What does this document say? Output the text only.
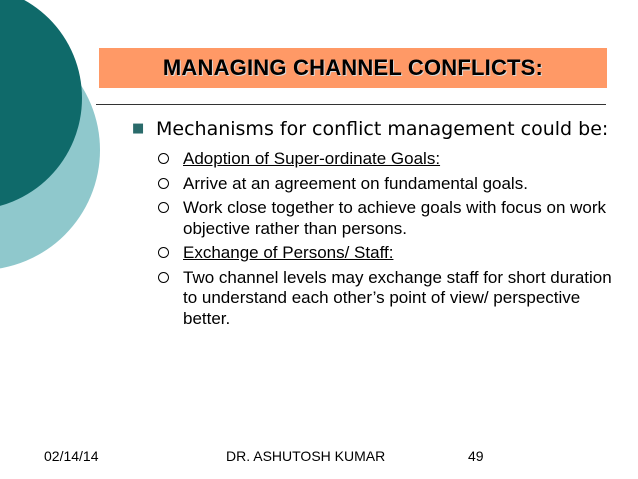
MANAGING CHANNEL CONFLICTS:
■ Mechanisms for conflict management could be:
Adoption of Super-ordinate Goals:
Arrive at an agreement on fundamental goals.
Work close together to achieve goals with focus on work objective rather than persons.
Exchange of Persons/ Staff:
Two channel levels may exchange staff for short duration to understand each other’s point of view/ perspective better.
02/14/14	DR. ASHUTOSH KUMAR	49
